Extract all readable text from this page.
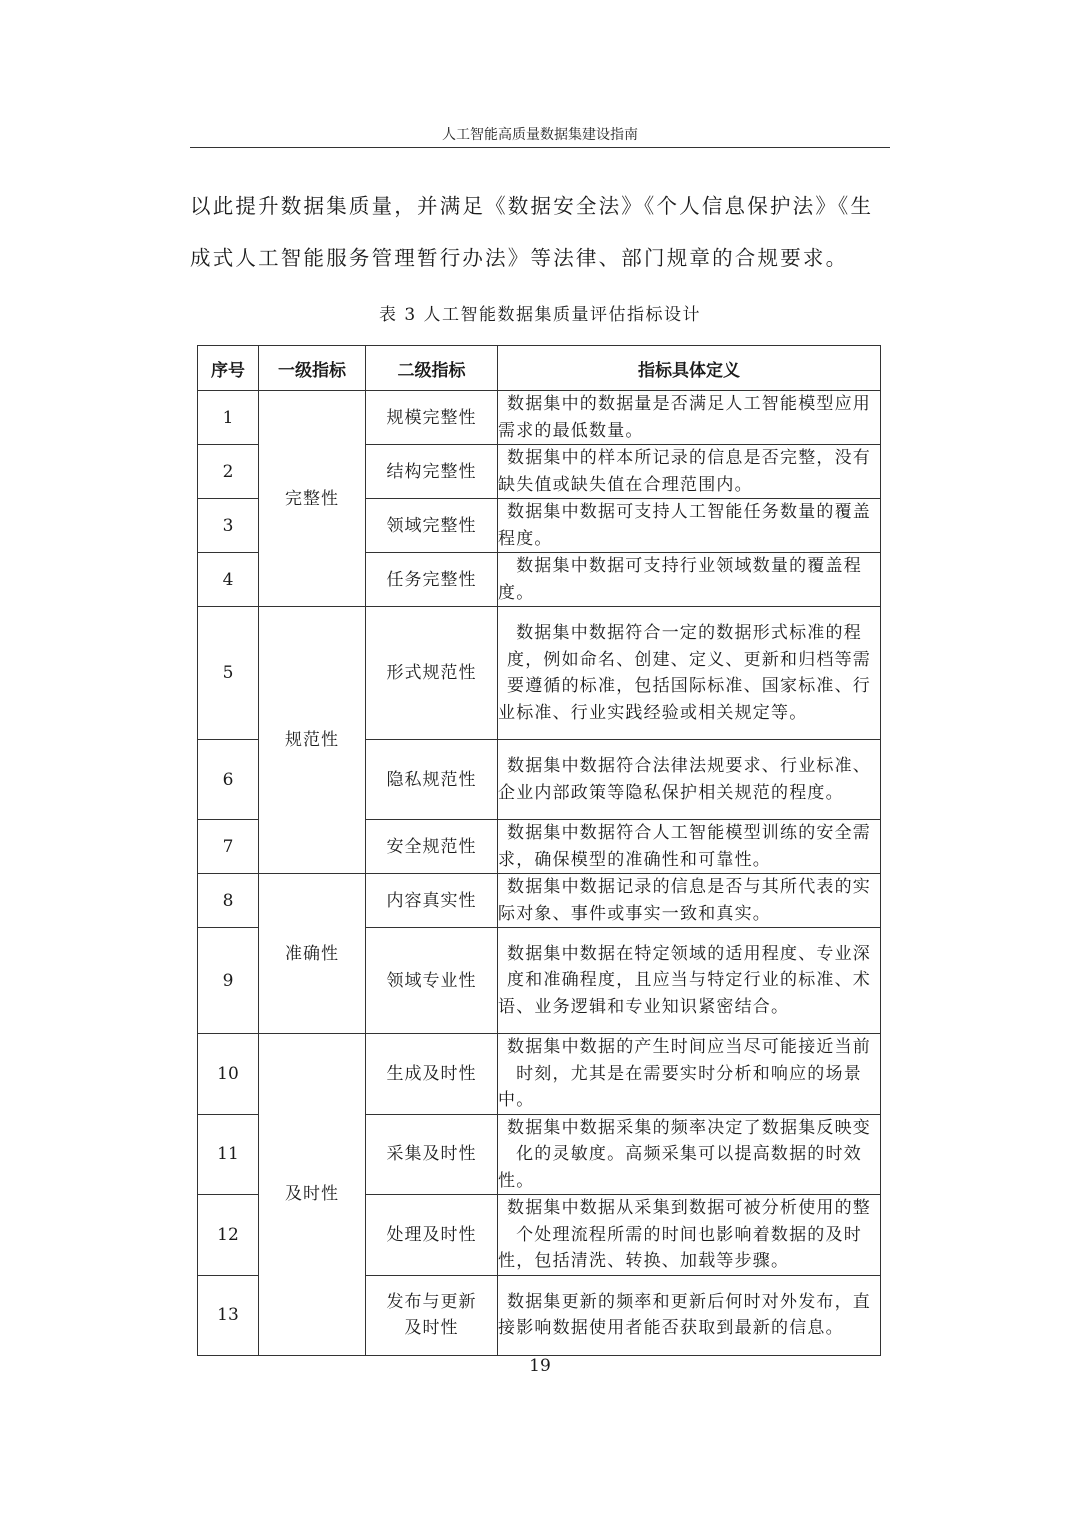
人工智能高质量数据集建设指南
以此提升数据集质量，并满足《数据安全法》《个人信息保护法》《生
成式人工智能服务管理暂行办法》等法律、部门规章的合规要求。
表 3 人工智能数据集质量评估指标设计
序号	一级指标	二级指标	指标具体定义
1	完整性	规模完整性	数据集中的数据量是否满足人工智能模型应用需求的最低数量。
2		结构完整性	数据集中的样本所记录的信息是否完整，没有缺失值或缺失值在合理范围内。
3		领域完整性	数据集中数据可支持人工智能任务数量的覆盖程度。
4		任务完整性	数据集中数据可支持行业领域数量的覆盖程度。
5	规范性	形式规范性	数据集中数据符合一定的数据形式标准的程度，例如命名、创建、定义、更新和归档等需要遵循的标准，包括国际标准、国家标准、行业标准、行业实践经验或相关规定等。
6		隐私规范性	数据集中数据符合法律法规要求、行业标准、企业内部政策等隐私保护相关规范的程度。
7		安全规范性	数据集中数据符合人工智能模型训练的安全需求，确保模型的准确性和可靠性。
8	准确性	内容真实性	数据集中数据记录的信息是否与其所代表的实际对象、事件或事实一致和真实。
9		领域专业性	数据集中数据在特定领域的适用程度、专业深度和准确程度，且应当与特定行业的标准、术语、业务逻辑和专业知识紧密结合。
10	及时性	生成及时性	数据集中数据的产生时间应当尽可能接近当前时刻，尤其是在需要实时分析和响应的场景中。
11		采集及时性	数据集中数据采集的频率决定了数据集反映变化的灵敏度。高频采集可以提高数据的时效性。
12		处理及时性	数据集中数据从采集到数据可被分析使用的整个处理流程所需的时间也影响着数据的及时性，包括清洗、转换、加载等步骤。
13		发布与更新及时性	数据集更新的频率和更新后何时对外发布，直接影响数据使用者能否获取到最新的信息。
19
